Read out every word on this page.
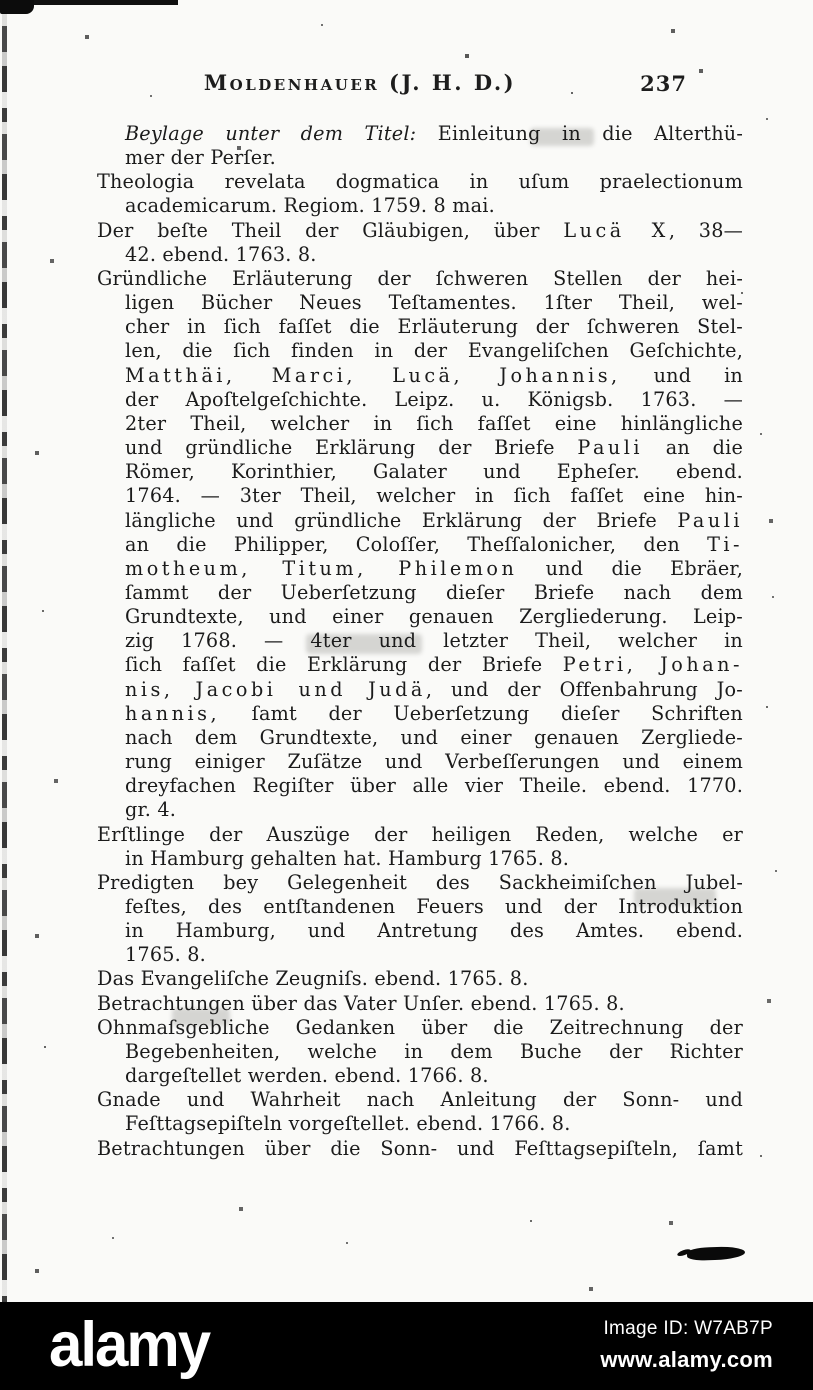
Moldenhauer (J. H. D.)	237
Beylage unter dem Titel: Einleitung in die Alterthü-
mer der Perſer.
Theologia revelata dogmatica in uſum praelectionum
academicarum. Regiom. 1759. 8 mai.
Der beſte Theil der Gläubigen, über Lucä X, 38—
42. ebend. 1763. 8.
Gründliche Erläuterung der ſchweren Stellen der hei-
ligen Bücher Neues Teſtamentes. 1ſter Theil, wel-
cher in ſich faſſet die Erläuterung der ſchweren Stel-
len, die ſich finden in der Evangeliſchen Geſchichte,
Matthäi, Marci, Lucä, Johannis, und in
der Apoſtelgeſchichte. Leipz. u. Königsb. 1763. —
2ter Theil, welcher in ſich faſſet eine hinlängliche
und gründliche Erklärung der Briefe Pauli an die
Römer, Korinthier, Galater und Epheſer. ebend.
1764. — 3ter Theil, welcher in ſich faſſet eine hin-
längliche und gründliche Erklärung der Briefe Pauli
an die Philipper, Coloſſer, Theſſalonicher, den Ti-
motheum, Titum, Philemon und die Ebräer,
ſammt der Ueberſetzung dieſer Briefe nach dem
Grundtexte, und einer genauen Zergliederung. Leip-
zig 1768. — 4ter und letzter Theil, welcher in
ſich faſſet die Erklärung der Briefe Petri, Johan-
nis, Jacobi und Judä, und der Offenbahrung Jo-
hannis, ſamt der Ueberſetzung dieſer Schriften
nach dem Grundtexte, und einer genauen Zergliede-
rung einiger Zuſätze und Verbeſſerungen und einem
dreyfachen Regiſter über alle vier Theile. ebend. 1770.
gr. 4.
Erſtlinge der Auszüge der heiligen Reden, welche er
in Hamburg gehalten hat. Hamburg 1765. 8.
Predigten bey Gelegenheit des Sackheimiſchen Jubel-
feſtes, des entſtandenen Feuers und der Introduktion
in Hamburg, und Antretung des Amtes. ebend.
1765. 8.
Das Evangeliſche Zeugniſs. ebend. 1765. 8.
Betrachtungen über das Vater Unſer. ebend. 1765. 8.
Ohnmaſsgebliche Gedanken über die Zeitrechnung der
Begebenheiten, welche in dem Buche der Richter
dargeſtellet werden. ebend. 1766. 8.
Gnade und Wahrheit nach Anleitung der Sonn- und
Feſttagsepiſteln vorgeſtellet. ebend. 1766. 8.
Betrachtungen über die Sonn- und Feſttagsepiſteln, ſamt
alamy	Image ID: W7AB7P
www.alamy.com
